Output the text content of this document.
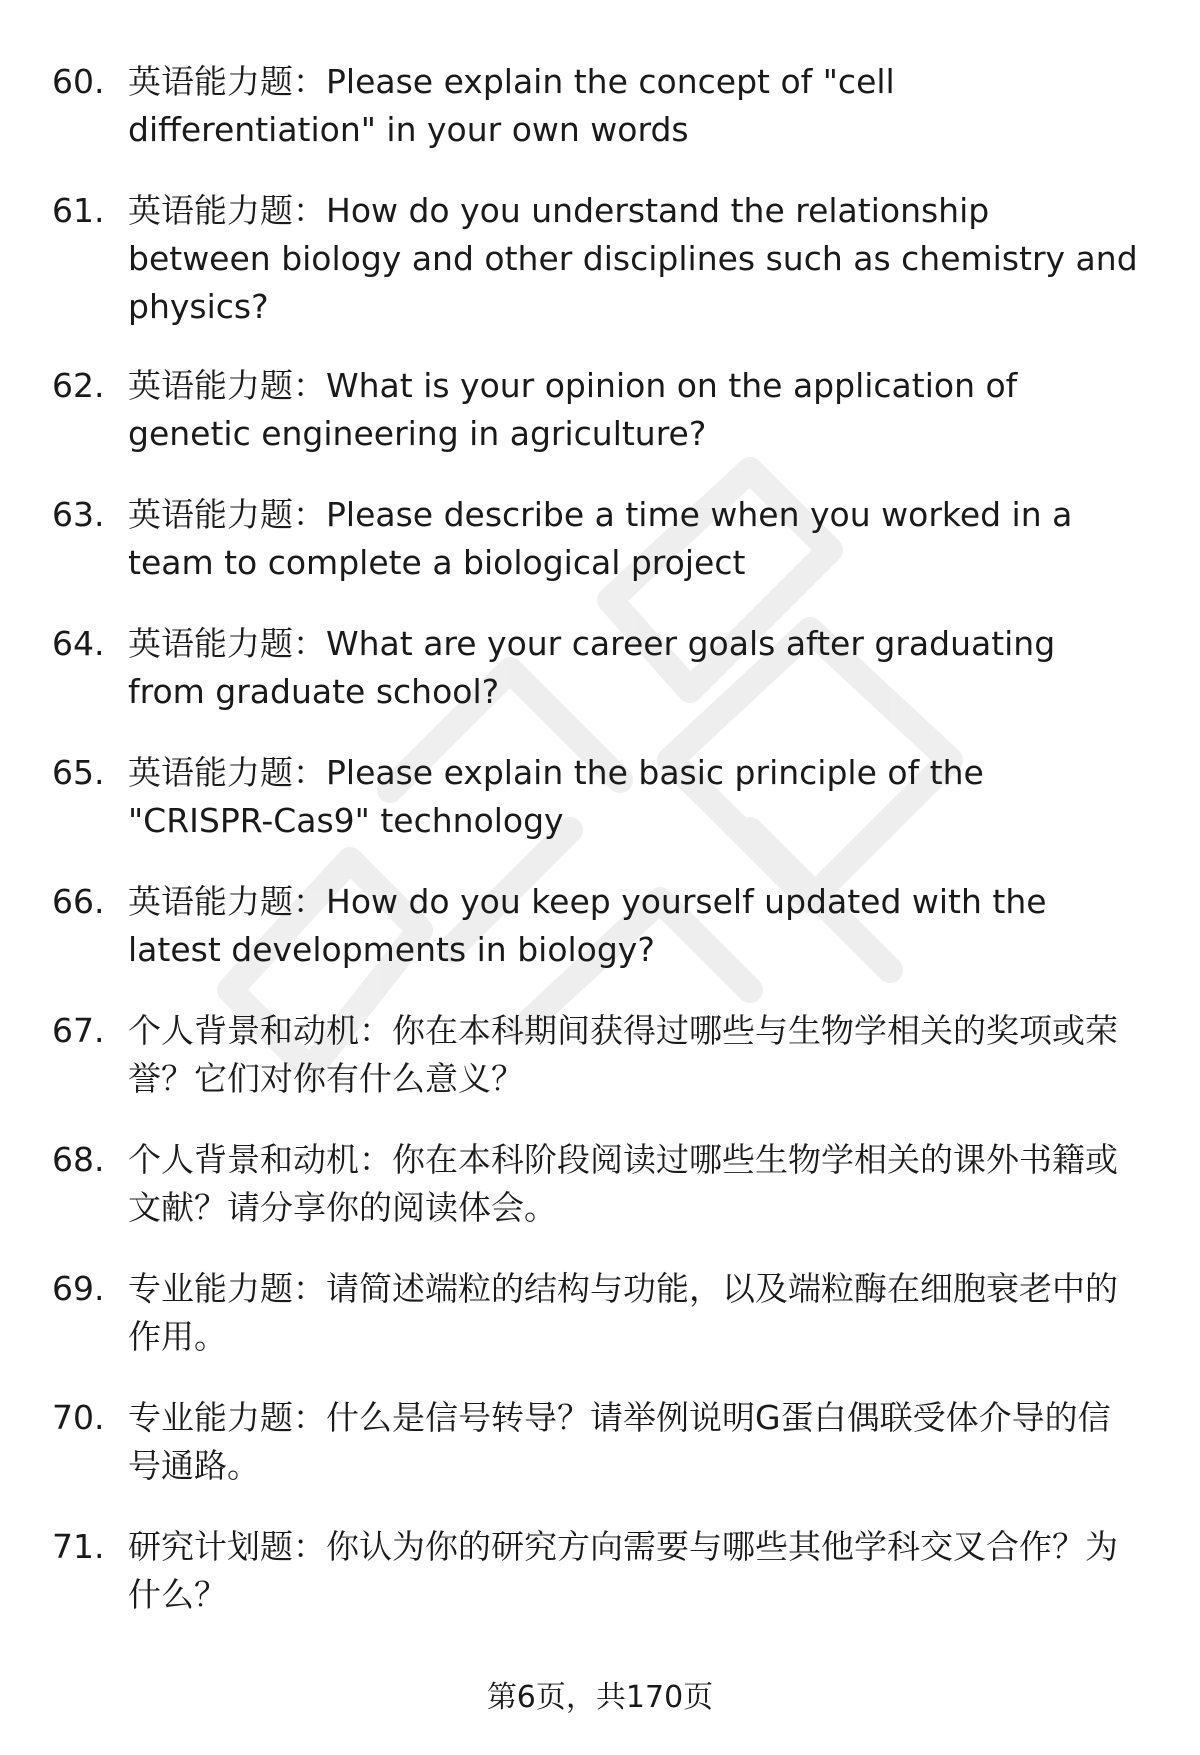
60. 英语能力题：Please explain the concept of "cell differentiation" in your own words
61. 英语能力题：How do you understand the relationship between biology and other disciplines such as chemistry and physics?
62. 英语能力题：What is your opinion on the application of genetic engineering in agriculture?
63. 英语能力题：Please describe a time when you worked in a team to complete a biological project
64. 英语能力题：What are your career goals after graduating from graduate school?
65. 英语能力题：Please explain the basic principle of the "CRISPR-Cas9" technology
66. 英语能力题：How do you keep yourself updated with the latest developments in biology?
67. 个人背景和动机：你在本科期间获得过哪些与生物学相关的奖项或荣誉？它们对你有什么意义？
68. 个人背景和动机：你在本科阶段阅读过哪些生物学相关的课外书籍或文献？请分享你的阅读体会。
69. 专业能力题：请简述端粒的结构与功能，以及端粒酶在细胞衰老中的作用。
70. 专业能力题：什么是信号转导？请举例说明G蛋白偶联受体介导的信号通路。
71. 研究计划题：你认为你的研究方向需要与哪些其他学科交叉合作？为什么？
第6页，共170页
